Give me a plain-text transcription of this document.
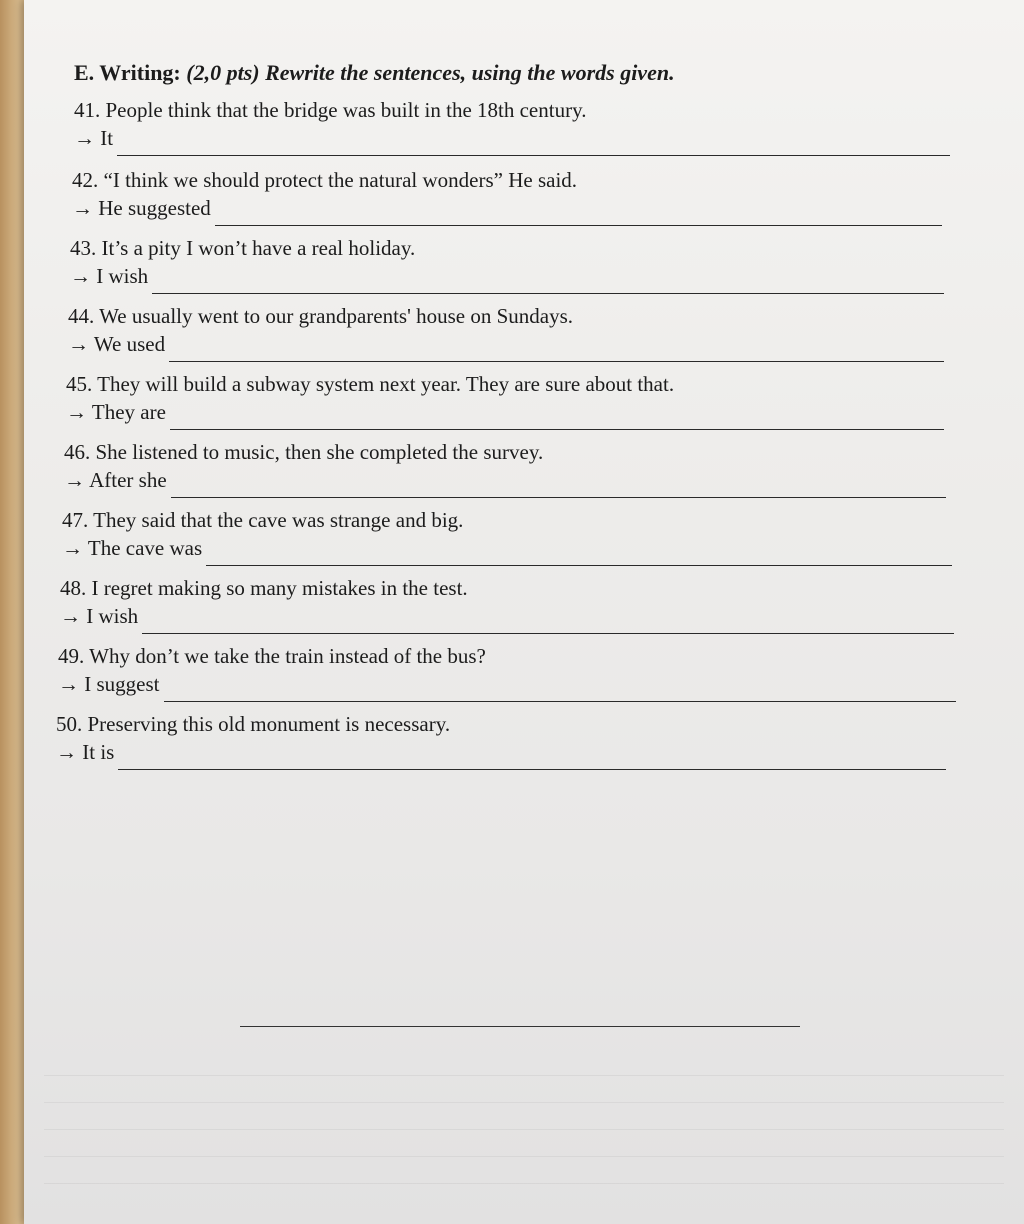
E. Writing: (2,0 pts) Rewrite the sentences, using the words given.
41. People think that the bridge was built in the 18th century.
→ It
42. “I think we should protect the natural wonders” He said.
→ He suggested
43. It’s a pity I won’t have a real holiday.
→ I wish
44. We usually went to our grandparents' house on Sundays.
→ We used
45. They will build a subway system next year. They are sure about that.
→ They are
46. She listened to music, then she completed the survey.
→ After she
47. They said that the cave was strange and big.
→ The cave was
48. I regret making so many mistakes in the test.
→ I wish
49. Why don’t we take the train instead of the bus?
→ I suggest
50. Preserving this old monument is necessary.
→ It is
